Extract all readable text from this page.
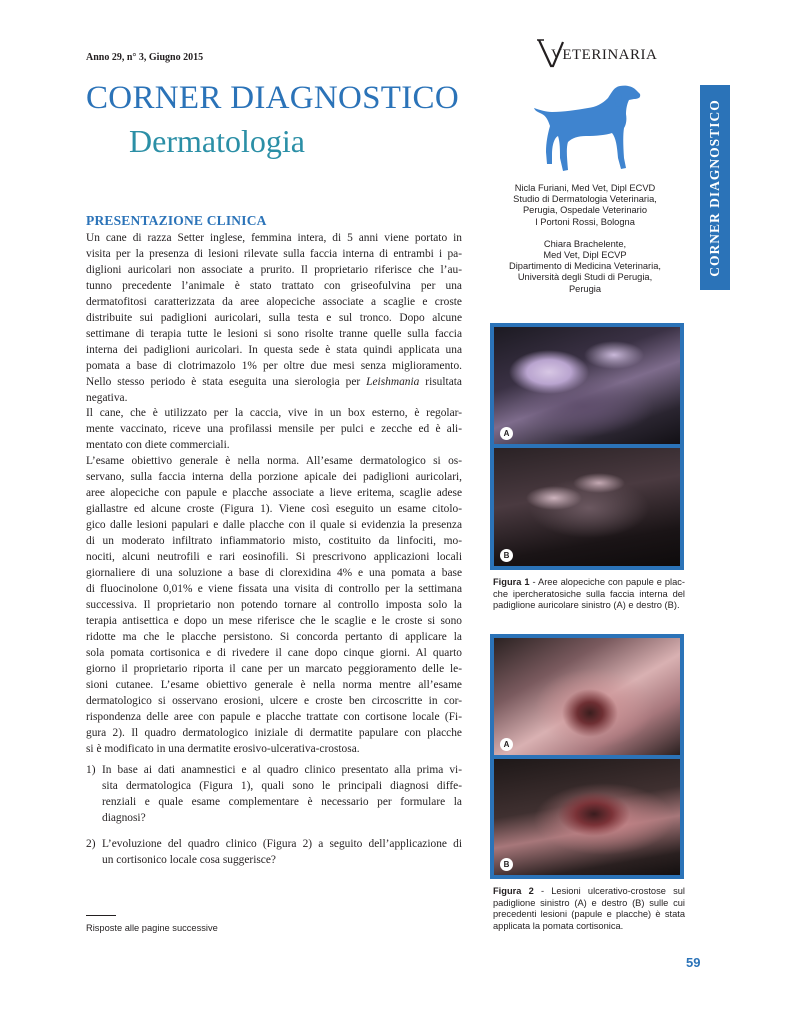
Anno 29, n° 3, Giugno 2015	VETERINARIA
CORNER DIAGNOSTICO
Dermatologia	CORNER DIAGNOSTICO
Nicla Furiani, Med Vet, Dipl ECVD
Studio di Dermatologia Veterinaria,
Perugia, Ospedale Veterinario
I Portoni Rossi, Bologna
Chiara Brachelente,
Med Vet, Dipl ECVP
Dipartimento di Medicina Veterinaria,
Università degli Studi di Perugia,
Perugia
PRESENTAZIONE CLINICA
Un cane di razza Setter inglese, femmina intera, di 5 anni viene portato in
visita per la presenza di lesioni rilevate sulla faccia interna di entrambi i pa-
diglioni auricolari non associate a prurito. Il proprietario riferisce che l’au-
tunno precedente l’animale è stato trattato con griseofulvina per una
dermatofitosi caratterizzata da aree alopeciche associate a scaglie e croste
distribuite sui padiglioni auricolari, sulla testa e sul tronco. Dopo alcune
settimane di terapia tutte le lesioni si sono risolte tranne quelle sulla faccia
interna dei padiglioni auricolari. In questa sede è stata quindi applicata una
pomata a base di clotrimazolo 1% per oltre due mesi senza miglioramento.
Nello stesso periodo è stata eseguita una sierologia per Leishmania risultata
negativa.
Il cane, che è utilizzato per la caccia, vive in un box esterno, è regolar-
mente vaccinato, riceve una profilassi mensile per pulci e zecche ed è ali-
mentato con diete commerciali.
L’esame obiettivo generale è nella norma. All’esame dermatologico si os-
servano, sulla faccia interna della porzione apicale dei padiglioni auricolari,
aree alopeciche con papule e placche associate a lieve eritema, scaglie adese
giallastre ed alcune croste (Figura 1). Viene così eseguito un esame citolo-
gico dalle lesioni papulari e dalle placche con il quale si evidenzia la presenza
di un moderato infiltrato infiammatorio misto, costituito da linfociti, mo-
nociti, alcuni neutrofili e rari eosinofili. Si prescrivono applicazioni locali
giornaliere di una soluzione a base di clorexidina 4% e una pomata a base
di fluocinolone 0,01% e viene fissata una visita di controllo per la settimana
successiva. Il proprietario non potendo tornare al controllo imposta solo la
terapia antisettica e dopo un mese riferisce che le scaglie e le croste si sono
ridotte ma che le placche persistono. Si concorda pertanto di applicare la
sola pomata cortisonica e di rivedere il cane dopo cinque giorni. Al quarto
giorno il proprietario riporta il cane per un marcato peggioramento delle le-
sioni cutanee. L’esame obiettivo generale è nella norma mentre all’esame
dermatologico si osservano erosioni, ulcere e croste ben circoscritte in cor-
rispondenza delle aree con papule e placche trattate con cortisone locale (Fi-
gura 2). Il quadro dermatologico iniziale di dermatite papulare con placche
si è modificato in una dermatite erosivo-ulcerativa-crostosa.
1) In base ai dati anamnestici e al quadro clinico presentato alla prima vi-
sita dermatologica (Figura 1), quali sono le principali diagnosi diffe-
renziali e quale esame complementare è necessario per formulare la
diagnosi?
2) L’evoluzione del quadro clinico (Figura 2) a seguito dell’applicazione di
un cortisonico locale cosa suggerisce?
Risposte alle pagine successive
A
B
Figura 1 - Aree alopeciche con papule e plac-
che ipercheratosiche sulla faccia interna del
padiglione auricolare sinistro (A) e destro (B).
A
B
Figura 2 - Lesioni ulcerativo-crostose sul
padiglione sinistro (A) e destro (B) sulle cui
precedenti lesioni (papule e placche) è stata
applicata la pomata cortisonica.
59
